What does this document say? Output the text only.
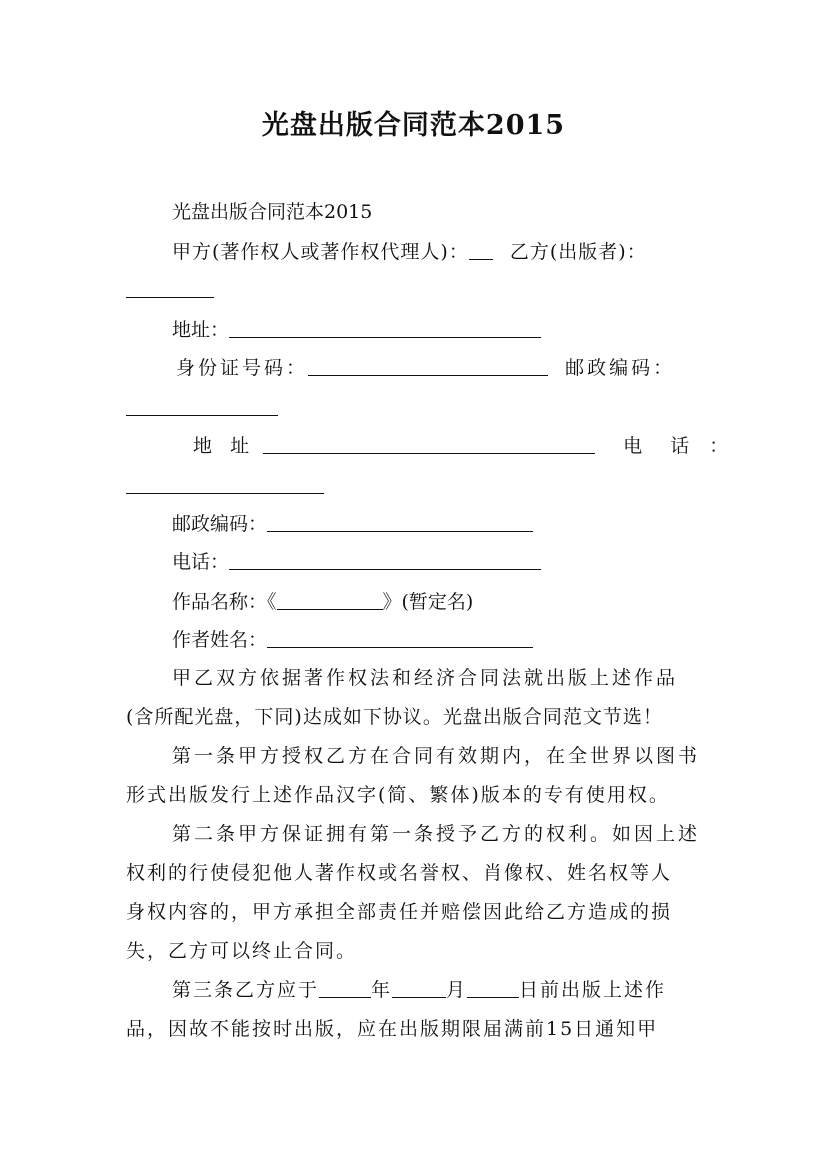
光盘出版合同范本2015
光盘出版合同范本2015
甲方(著作权人或著作权代理人)： 乙方(出版者)：
地址：
身份证号码：	邮政编码：
地 址	电 话 ：
邮政编码：
电话：
作品名称：《	》(暂定名)
作者姓名：
甲乙双方依据著作权法和经济合同法就出版上述作品
(含所配光盘，下同)达成如下协议。光盘出版合同范文节选！
第一条甲方授权乙方在合同有效期内，在全世界以图书
形式出版发行上述作品汉字(简、繁体)版本的专有使用权。
第二条甲方保证拥有第一条授予乙方的权利。如因上述
权利的行使侵犯他人著作权或名誉权、肖像权、姓名权等人
身权内容的，甲方承担全部责任并赔偿因此给乙方造成的损
失，乙方可以终止合同。
第三条乙方应于	年	月	日前出版上述作
品，因故不能按时出版，应在出版期限届满前15日通知甲
